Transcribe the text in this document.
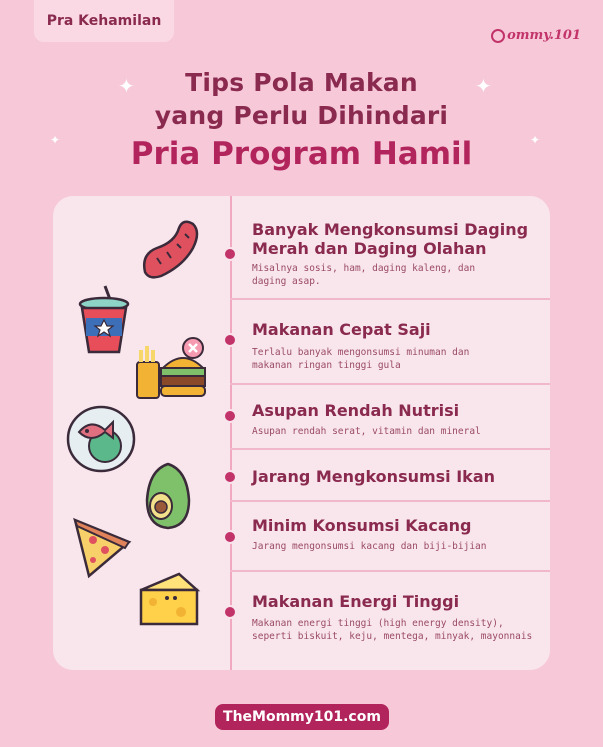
Pra Kehamilan
ommy.101
✦	✦
✦	✦
Tips Pola Makan
yang Perlu Dihindari
Pria Program Hamil
Banyak Mengkonsumsi Daging Merah dan Daging Olahan
Misalnya sosis, ham, daging kaleng, dan daging asap.
Makanan Cepat Saji
Terlalu banyak mengonsumsi minuman dan makanan ringan tinggi gula
Asupan Rendah Nutrisi
Asupan rendah serat, vitamin dan mineral
Jarang Mengkonsumsi Ikan
Minim Konsumsi Kacang
Jarang mengonsumsi kacang dan biji-bijian
Makanan Energi Tinggi
Makanan energi tinggi (high energy density), seperti biskuit, keju, mentega, minyak, mayonnais
TheMommy101.com
